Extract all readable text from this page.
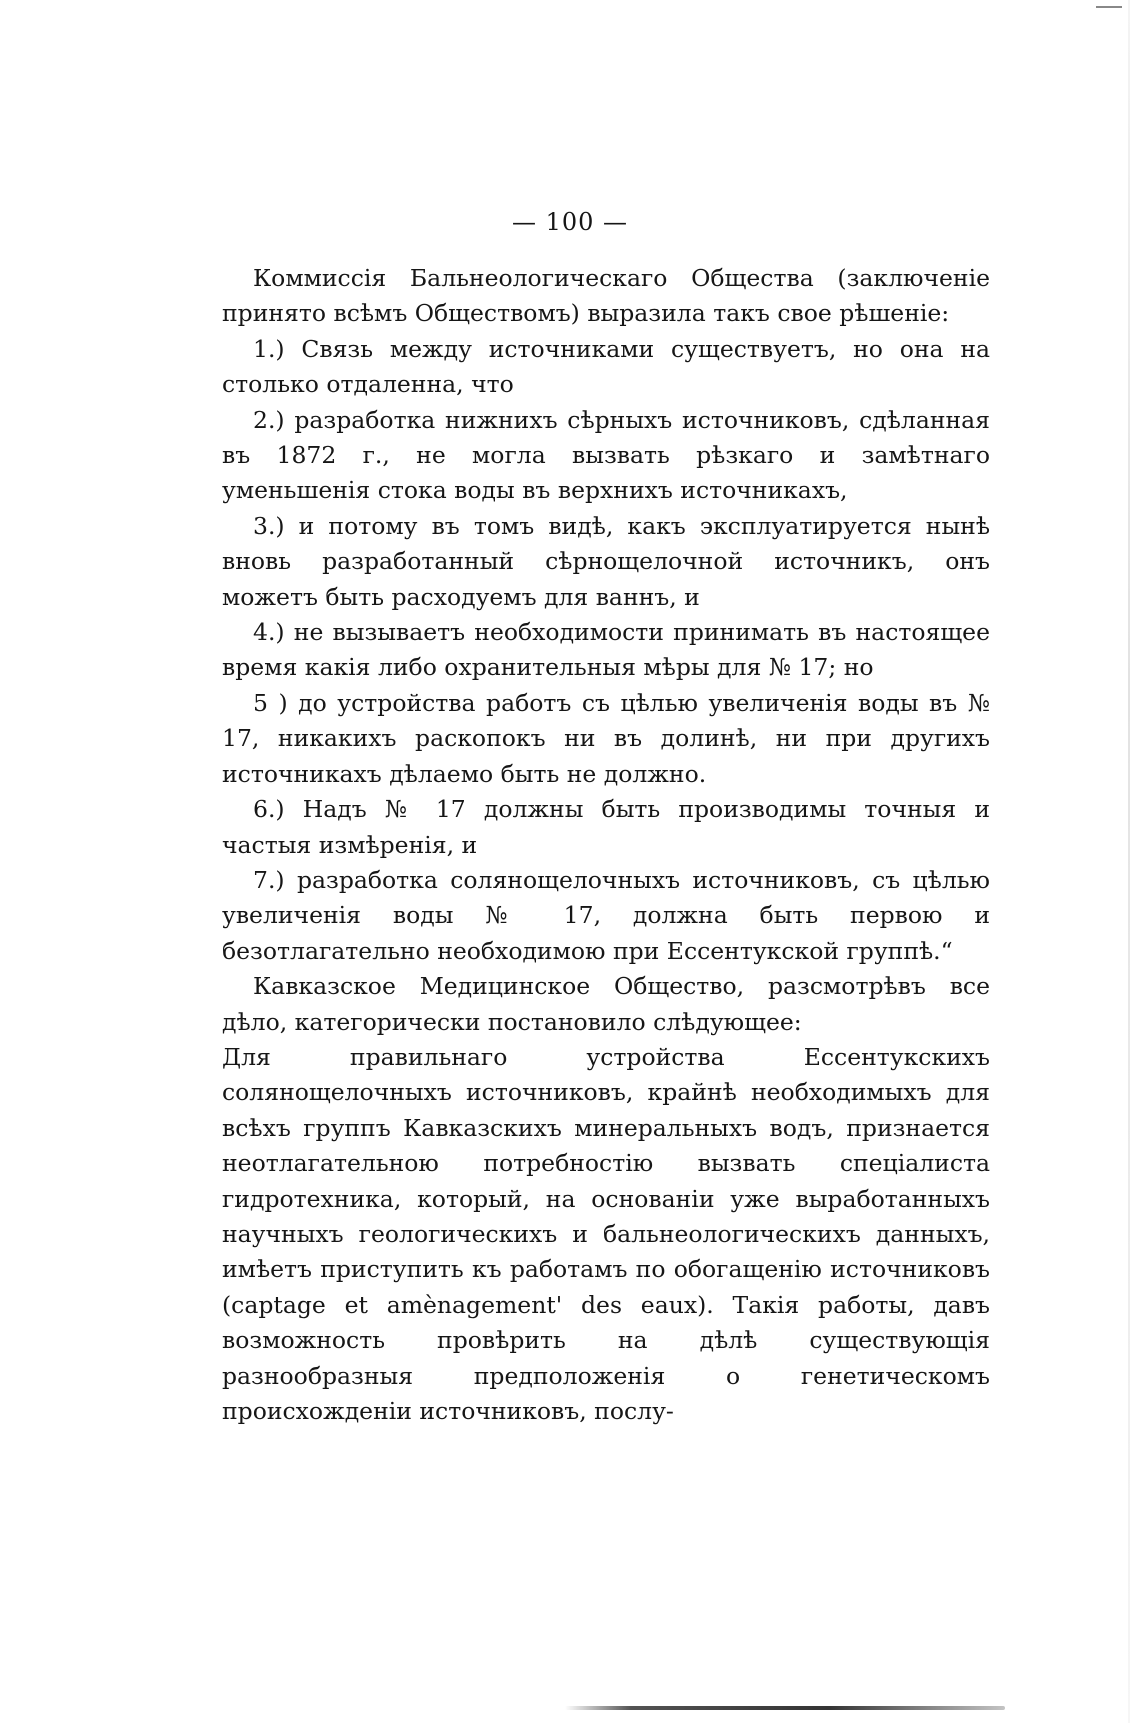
— 100 —

Коммиссiя Бальнеологическаго Общества (заключенiе принято всѣмъ Обществомъ) выразила такъ свое рѣшенiе:

1.) Связь между источниками существуетъ, но она на столько отдаленна, что

2.) разработка нижнихъ сѣрныхъ источниковъ, сдѣланная въ 1872 г., не могла вызвать рѣзкаго и замѣтнаго уменьшенiя стока воды въ верхнихъ источникахъ,

3.) и потому въ томъ видѣ, какъ эксплуатируется нынѣ вновь разработанный сѣрнощелочной источникъ, онъ можетъ быть расходуемъ для ваннъ, и

4.) не вызываетъ необходимости принимать въ настоящее время какiя либо охранительныя мѣры для № 17; но

5 ) до устройства работъ съ цѣлью увеличенiя воды въ № 17, никакихъ раскопокъ ни въ долинѣ, ни при другихъ источникахъ дѣлаемо быть не должно.

6.) Надъ № 17 должны быть производимы точныя и частыя измѣренiя, и

7.) разработка солянощелочныхъ источниковъ, съ цѣлью увеличенiя воды № 17, должна быть первою и безотлагательно необходимою при Ессентукской группѣ.“

Кавказское Медицинское Общество, разсмотрѣвъ все дѣло, категорически постановило слѣдующее:

Для правильнаго устройства Ессентукскихъ солянощелочныхъ источниковъ, крайнѣ необходимыхъ для всѣхъ группъ Кавказскихъ минеральныхъ водъ, признается неотлагательною потребностiю вызвать спецiалиста гидротехника, который, на основанiи уже выработанныхъ научныхъ геологическихъ и бальнеологическихъ данныхъ, имѣетъ приступить къ работамъ по обогащенiю источниковъ (captage et amènagement' des eaux). Такiя работы, давъ возможность провѣрить на дѣлѣ существующiя разнообразныя предположенiя о генетическомъ происхожденiи источниковъ, послу-
